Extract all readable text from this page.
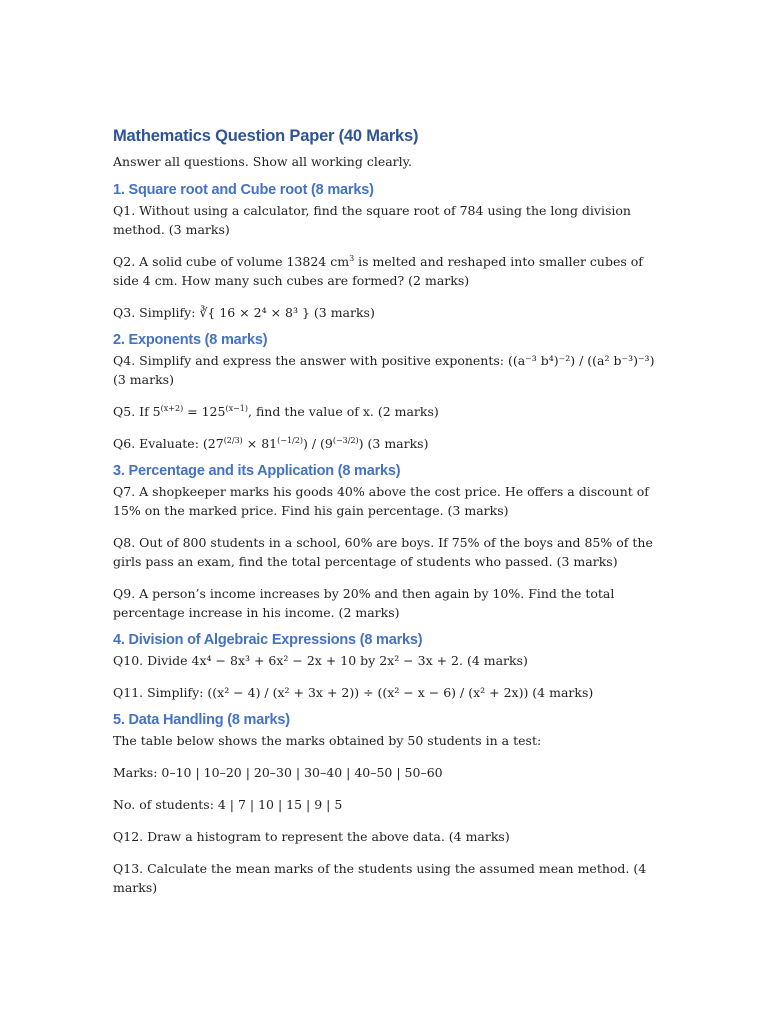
Mathematics Question Paper (40 Marks)

Answer all questions. Show all working clearly.

1. Square root and Cube root (8 marks)

Q1. Without using a calculator, find the square root of 784 using the long division method. (3 marks)

Q2. A solid cube of volume 13824 $cm^3$ is melted and reshaped into smaller cubes of side 4 cm. How many such cubes are formed? (2 marks)

Q3. Simplify: ∛{ 16 × 2⁴ × 8³ } (3 marks)

2. Exponents (8 marks)

Q4. Simplify and express the answer with positive exponents: ((a⁻³ b⁴)⁻²) / ((a² b⁻³)⁻³) (3 marks)

Q5. If $5^{(x+2)} = 125^{(x-1)}$, find the value of x. (2 marks)

Q6. Evaluate: $(27^{(2/3)} \times 81^{(-1/2)}) / (9^{(-3/2)})$ (3 marks)

3. Percentage and its Application (8 marks)

Q7. A shopkeeper marks his goods 40% above the cost price. He offers a discount of 15% on the marked price. Find his gain percentage. (3 marks)

Q8. Out of 800 students in a school, 60% are boys. If 75% of the boys and 85% of the girls pass an exam, find the total percentage of students who passed. (3 marks)

Q9. A person’s income increases by 20% and then again by 10%. Find the total percentage increase in his income. (2 marks)

4. Division of Algebraic Expressions (8 marks)

Q10. Divide 4x⁴ − 8x³ + 6x² − 2x + 10 by 2x² − 3x + 2. (4 marks)

Q11. Simplify: ((x² − 4) / (x² + 3x + 2)) ÷ ((x² − x − 6) / (x² + 2x)) (4 marks)

5. Data Handling (8 marks)

The table below shows the marks obtained by 50 students in a test:

Marks: 0–10 | 10–20 | 20–30 | 30–40 | 40–50 | 50–60

No. of students: 4 | 7 | 10 | 15 | 9 | 5

Q12. Draw a histogram to represent the above data. (4 marks)

Q13. Calculate the mean marks of the students using the assumed mean method. (4 marks)
